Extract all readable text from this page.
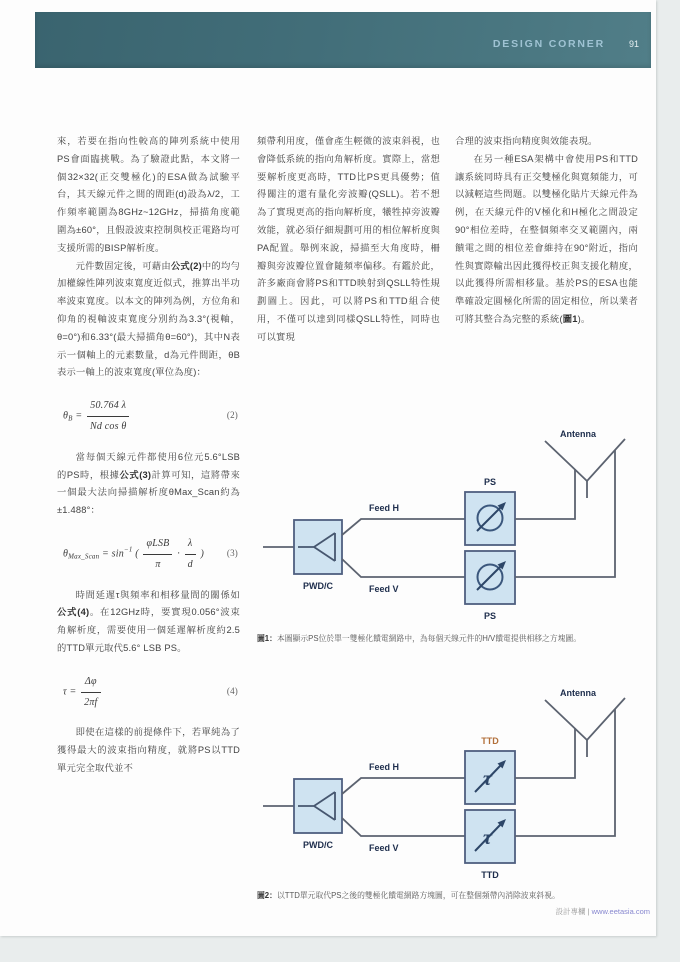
DESIGN CORNER	91

來，若要在指向性較高的陣列系統中使用PS會面臨挑戰。為了驗證此點，本文將一個32×32(正交雙極化)的ESA做為試驗平台，其天線元件之間的間距(d)設為λ/2，工作頻率範圍為8GHz~12GHz，掃描角度範圍為±60°，且假設波束控制與校正電路均可支援所需的BISP解析度。

元件數固定後，可藉由公式(2)中的均勻加權線性陣列波束寬度近似式，推算出半功率波束寬度。以本文的陣列為例，方位角和仰角的視軸波束寬度分別約為3.3°(視軸，θ=0°)和6.33°(最大掃描角θ=60°)，其中N表示一個軸上的元素數量，d為元件間距，θB表示一軸上的波束寬度(單位為度)：

$\theta_B = \frac{50.764 \lambda}{\text{Nd cos θ}}$	(2)

當每個天線元件都使用6位元5.6°LSB的PS時，根據公式(3)計算可知，這將帶來一個最大法向掃描解析度θMax_Scan約為±1.488°：

$\theta_{Max\_Scan} = \sin^{-1}$ ( $\frac{\text{φLSB}}{\pi} \cdot \frac{\lambda}{d}$ )	(3)

時間延遲τ與頻率和相移量間的關係如公式(4)。在12GHz時，要實現0.056°波束角解析度，需要使用一個延遲解析度約2.5的TTD單元取代5.6° LSB PS。

$\tau = \frac{\Delta\varphi}{2\pi f}$	(4)

即使在這樣的前提條件下，若單純為了獲得最大的波束指向精度，就將PS以TTD單元完全取代並不

頻帶利用度，僅會產生輕微的波束斜視，也會降低系統的指向角解析度。實際上，當想要解析度更高時，TTD比PS更具優勢；值得關注的還有量化旁波瓣(QSLL)。若不想為了實現更高的指向解析度，犧牲掉旁波瓣效能，就必須仔細規劃可用的相位解析度與PA配置。舉例來說，掃描至大角度時，柵瓣與旁波瓣位置會隨頻率偏移。有鑑於此，許多廠商會將PS和TTD映射到QSLL特性規劃圖上。因此，可以將PS和TTD組合使用，不僅可以達到同樣QSLL特性，同時也可以實現

合理的波束指向精度與效能表現。

在另一種ESA架構中會使用PS和TTD讓系統同時具有正交雙極化與寬頻能力，可以減輕這些問題。以雙極化貼片天線元件為例，在天線元件的V極化和H極化之間設定90°相位差時，在整個頻率交叉範圍內，兩饋電之間的相位差會維持在90°附近，指向性與實際輸出因此獲得校正與支援化精度，以此獲得所需相移量。基於PS的ESA也能準確設定圓極化所需的固定相位，所以業者可將其整合為完整的系統(圖1)。

Antenna
Feed H
Feed V
PWD/C
PS
PS
圖1：本圖顯示PS位於單一雙極化饋電網路中，為每個天線元件的H/V饋電提供相移之方塊圖。
τ
τ
Antenna
Feed H
Feed V
PWD/C
TTD
TTD
圖2：以TTD單元取代PS之後的雙極化饋電網路方塊圖，可在整個頻帶內消除波束斜視。
設計專欄 | www.eetasia.com
